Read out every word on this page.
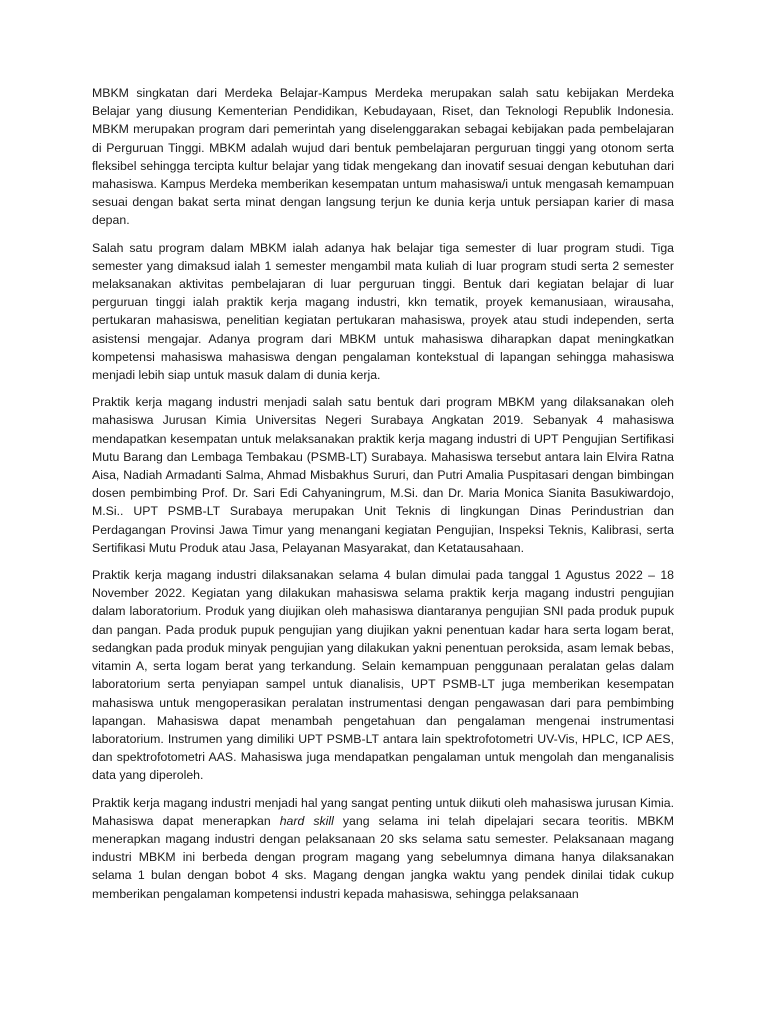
MBKM singkatan dari Merdeka Belajar-Kampus Merdeka merupakan salah satu kebijakan Merdeka Belajar yang diusung Kementerian Pendidikan, Kebudayaan, Riset, dan Teknologi Republik Indonesia. MBKM merupakan program dari pemerintah yang diselenggarakan sebagai kebijakan pada pembelajaran di Perguruan Tinggi. MBKM adalah wujud dari bentuk pembelajaran perguruan tinggi yang otonom serta fleksibel sehingga tercipta kultur belajar yang tidak mengekang dan inovatif sesuai dengan kebutuhan dari mahasiswa. Kampus Merdeka memberikan kesempatan untum mahasiswa/i untuk mengasah kemampuan sesuai dengan bakat serta minat dengan langsung terjun ke dunia kerja untuk persiapan karier di masa depan.

Salah satu program dalam MBKM ialah adanya hak belajar tiga semester di luar program studi. Tiga semester yang dimaksud ialah 1 semester mengambil mata kuliah di luar program studi serta 2 semester melaksanakan aktivitas pembelajaran di luar perguruan tinggi. Bentuk dari kegiatan belajar di luar perguruan tinggi ialah praktik kerja magang industri, kkn tematik, proyek kemanusiaan, wirausaha, pertukaran mahasiswa, penelitian kegiatan pertukaran mahasiswa, proyek atau studi independen, serta asistensi mengajar. Adanya program dari MBKM untuk mahasiswa diharapkan dapat meningkatkan kompetensi mahasiswa mahasiswa dengan pengalaman kontekstual di lapangan sehingga mahasiswa menjadi lebih siap untuk masuk dalam di dunia kerja.

Praktik kerja magang industri menjadi salah satu bentuk dari program MBKM yang dilaksanakan oleh mahasiswa Jurusan Kimia Universitas Negeri Surabaya Angkatan 2019. Sebanyak 4 mahasiswa mendapatkan kesempatan untuk melaksanakan praktik kerja magang industri di UPT Pengujian Sertifikasi Mutu Barang dan Lembaga Tembakau (PSMB-LT) Surabaya. Mahasiswa tersebut antara lain Elvira Ratna Aisa, Nadiah Armadanti Salma, Ahmad Misbakhus Sururi, dan Putri Amalia Puspitasari dengan bimbingan dosen pembimbing Prof. Dr. Sari Edi Cahyaningrum, M.Si. dan Dr. Maria Monica Sianita Basukiwardojo, M.Si.. UPT PSMB-LT Surabaya merupakan Unit Teknis di lingkungan Dinas Perindustrian dan Perdagangan Provinsi Jawa Timur yang menangani kegiatan Pengujian, Inspeksi Teknis, Kalibrasi, serta Sertifikasi Mutu Produk atau Jasa, Pelayanan Masyarakat, dan Ketatausahaan.

Praktik kerja magang industri dilaksanakan selama 4 bulan dimulai pada tanggal 1 Agustus 2022 – 18 November 2022. Kegiatan yang dilakukan mahasiswa selama praktik kerja magang industri pengujian dalam laboratorium. Produk yang diujikan oleh mahasiswa diantaranya pengujian SNI pada produk pupuk dan pangan. Pada produk pupuk pengujian yang diujikan yakni penentuan kadar hara serta logam berat, sedangkan pada produk minyak pengujian yang dilakukan yakni penentuan peroksida, asam lemak bebas, vitamin A, serta logam berat yang terkandung. Selain kemampuan penggunaan peralatan gelas dalam laboratorium serta penyiapan sampel untuk dianalisis, UPT PSMB-LT juga memberikan kesempatan mahasiswa untuk mengoperasikan peralatan instrumentasi dengan pengawasan dari para pembimbing lapangan. Mahasiswa dapat menambah pengetahuan dan pengalaman mengenai instrumentasi laboratorium. Instrumen yang dimiliki UPT PSMB-LT antara lain spektrofotometri UV-Vis, HPLC, ICP AES, dan spektrofotometri AAS. Mahasiswa juga mendapatkan pengalaman untuk mengolah dan menganalisis data yang diperoleh.

Praktik kerja magang industri menjadi hal yang sangat penting untuk diikuti oleh mahasiswa jurusan Kimia. Mahasiswa dapat menerapkan hard skill yang selama ini telah dipelajari secara teoritis. MBKM menerapkan magang industri dengan pelaksanaan 20 sks selama satu semester. Pelaksanaan magang industri MBKM ini berbeda dengan program magang yang sebelumnya dimana hanya dilaksanakan selama 1 bulan dengan bobot 4 sks. Magang dengan jangka waktu yang pendek dinilai tidak cukup memberikan pengalaman kompetensi industri kepada mahasiswa, sehingga pelaksanaan
